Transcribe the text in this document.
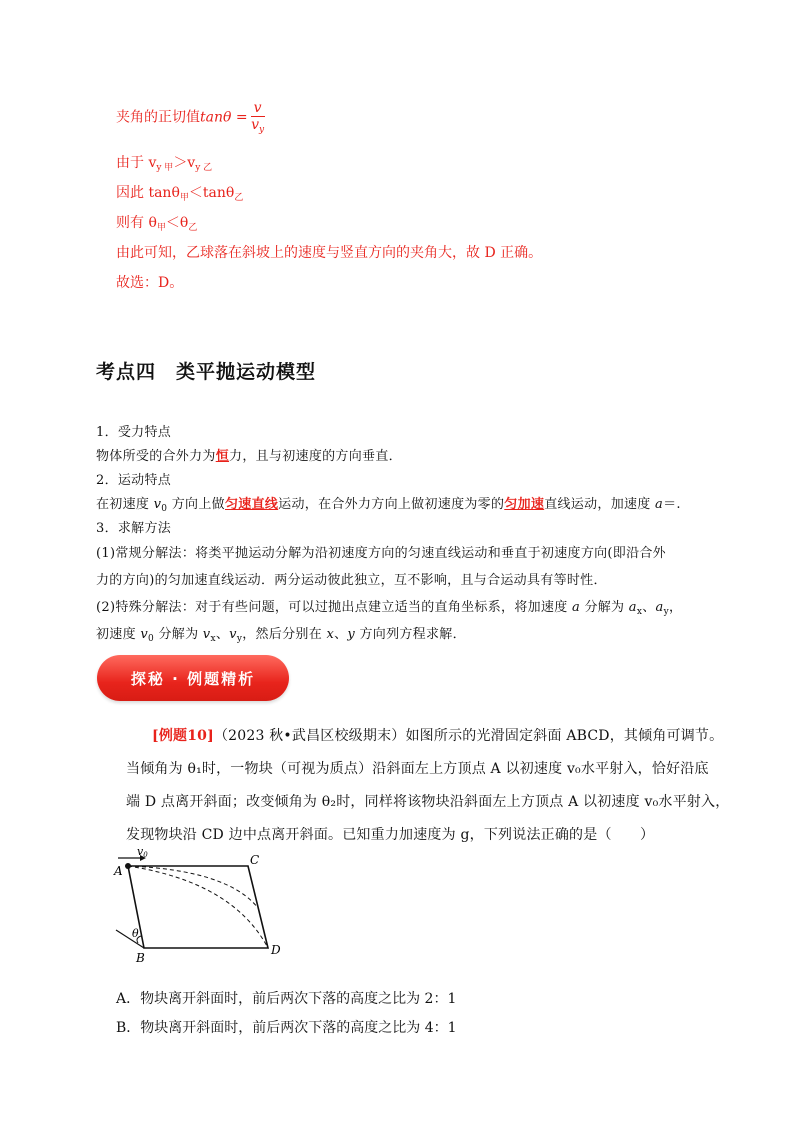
夹角的正切值$\tan\theta = \frac{v}{v_y}$
由于 $v_{y 甲}>v_{y 乙}$
因此 tanθ$_甲$＜tanθ$_乙$
则有 $\theta_甲<\theta_乙$
由此可知，乙球落在斜坡上的速度与竖直方向的夹角大，故 D 正确。
故选：D。
考点四　类平抛运动模型
1．受力特点
物体所受的合外力为恒力，且与初速度的方向垂直．
2．运动特点
在初速度 $v_0$ 方向上做匀速直线运动，在合外力方向上做初速度为零的匀加速直线运动，加速度 a＝.
3．求解方法
(1)常规分解法：将类平抛运动分解为沿初速度方向的匀速直线运动和垂直于初速度方向(即沿合外
力的方向)的匀加速直线运动．两分运动彼此独立，互不影响，且与合运动具有等时性．
(2)特殊分解法：对于有些问题，可以过抛出点建立适当的直角坐标系，将加速度 a 分解为 $a_x$、$a_y$，
初速度 $v_0$ 分解为 $v_x$、$v_y$，然后分别在 x、y 方向列方程求解．
探秘 · 例题精析
[例题10]（2023 秋•武昌区校级期末）如图所示的光滑固定斜面 ABCD，其倾角可调节。
当倾角为 θ₁时，一物块（可视为质点）沿斜面左上方顶点 A 以初速度 v₀水平射入，恰好沿底
端 D 点离开斜面；改变倾角为 θ₂时，同样将该物块沿斜面左上方顶点 A 以初速度 v₀水平射入，
发现物块沿 CD 边中点离开斜面。已知重力加速度为 g，下列说法正确的是（　　）
v0
A
C
B
D
θ
A．物块离开斜面时，前后两次下落的高度之比为 2：1
B．物块离开斜面时，前后两次下落的高度之比为 4：1
